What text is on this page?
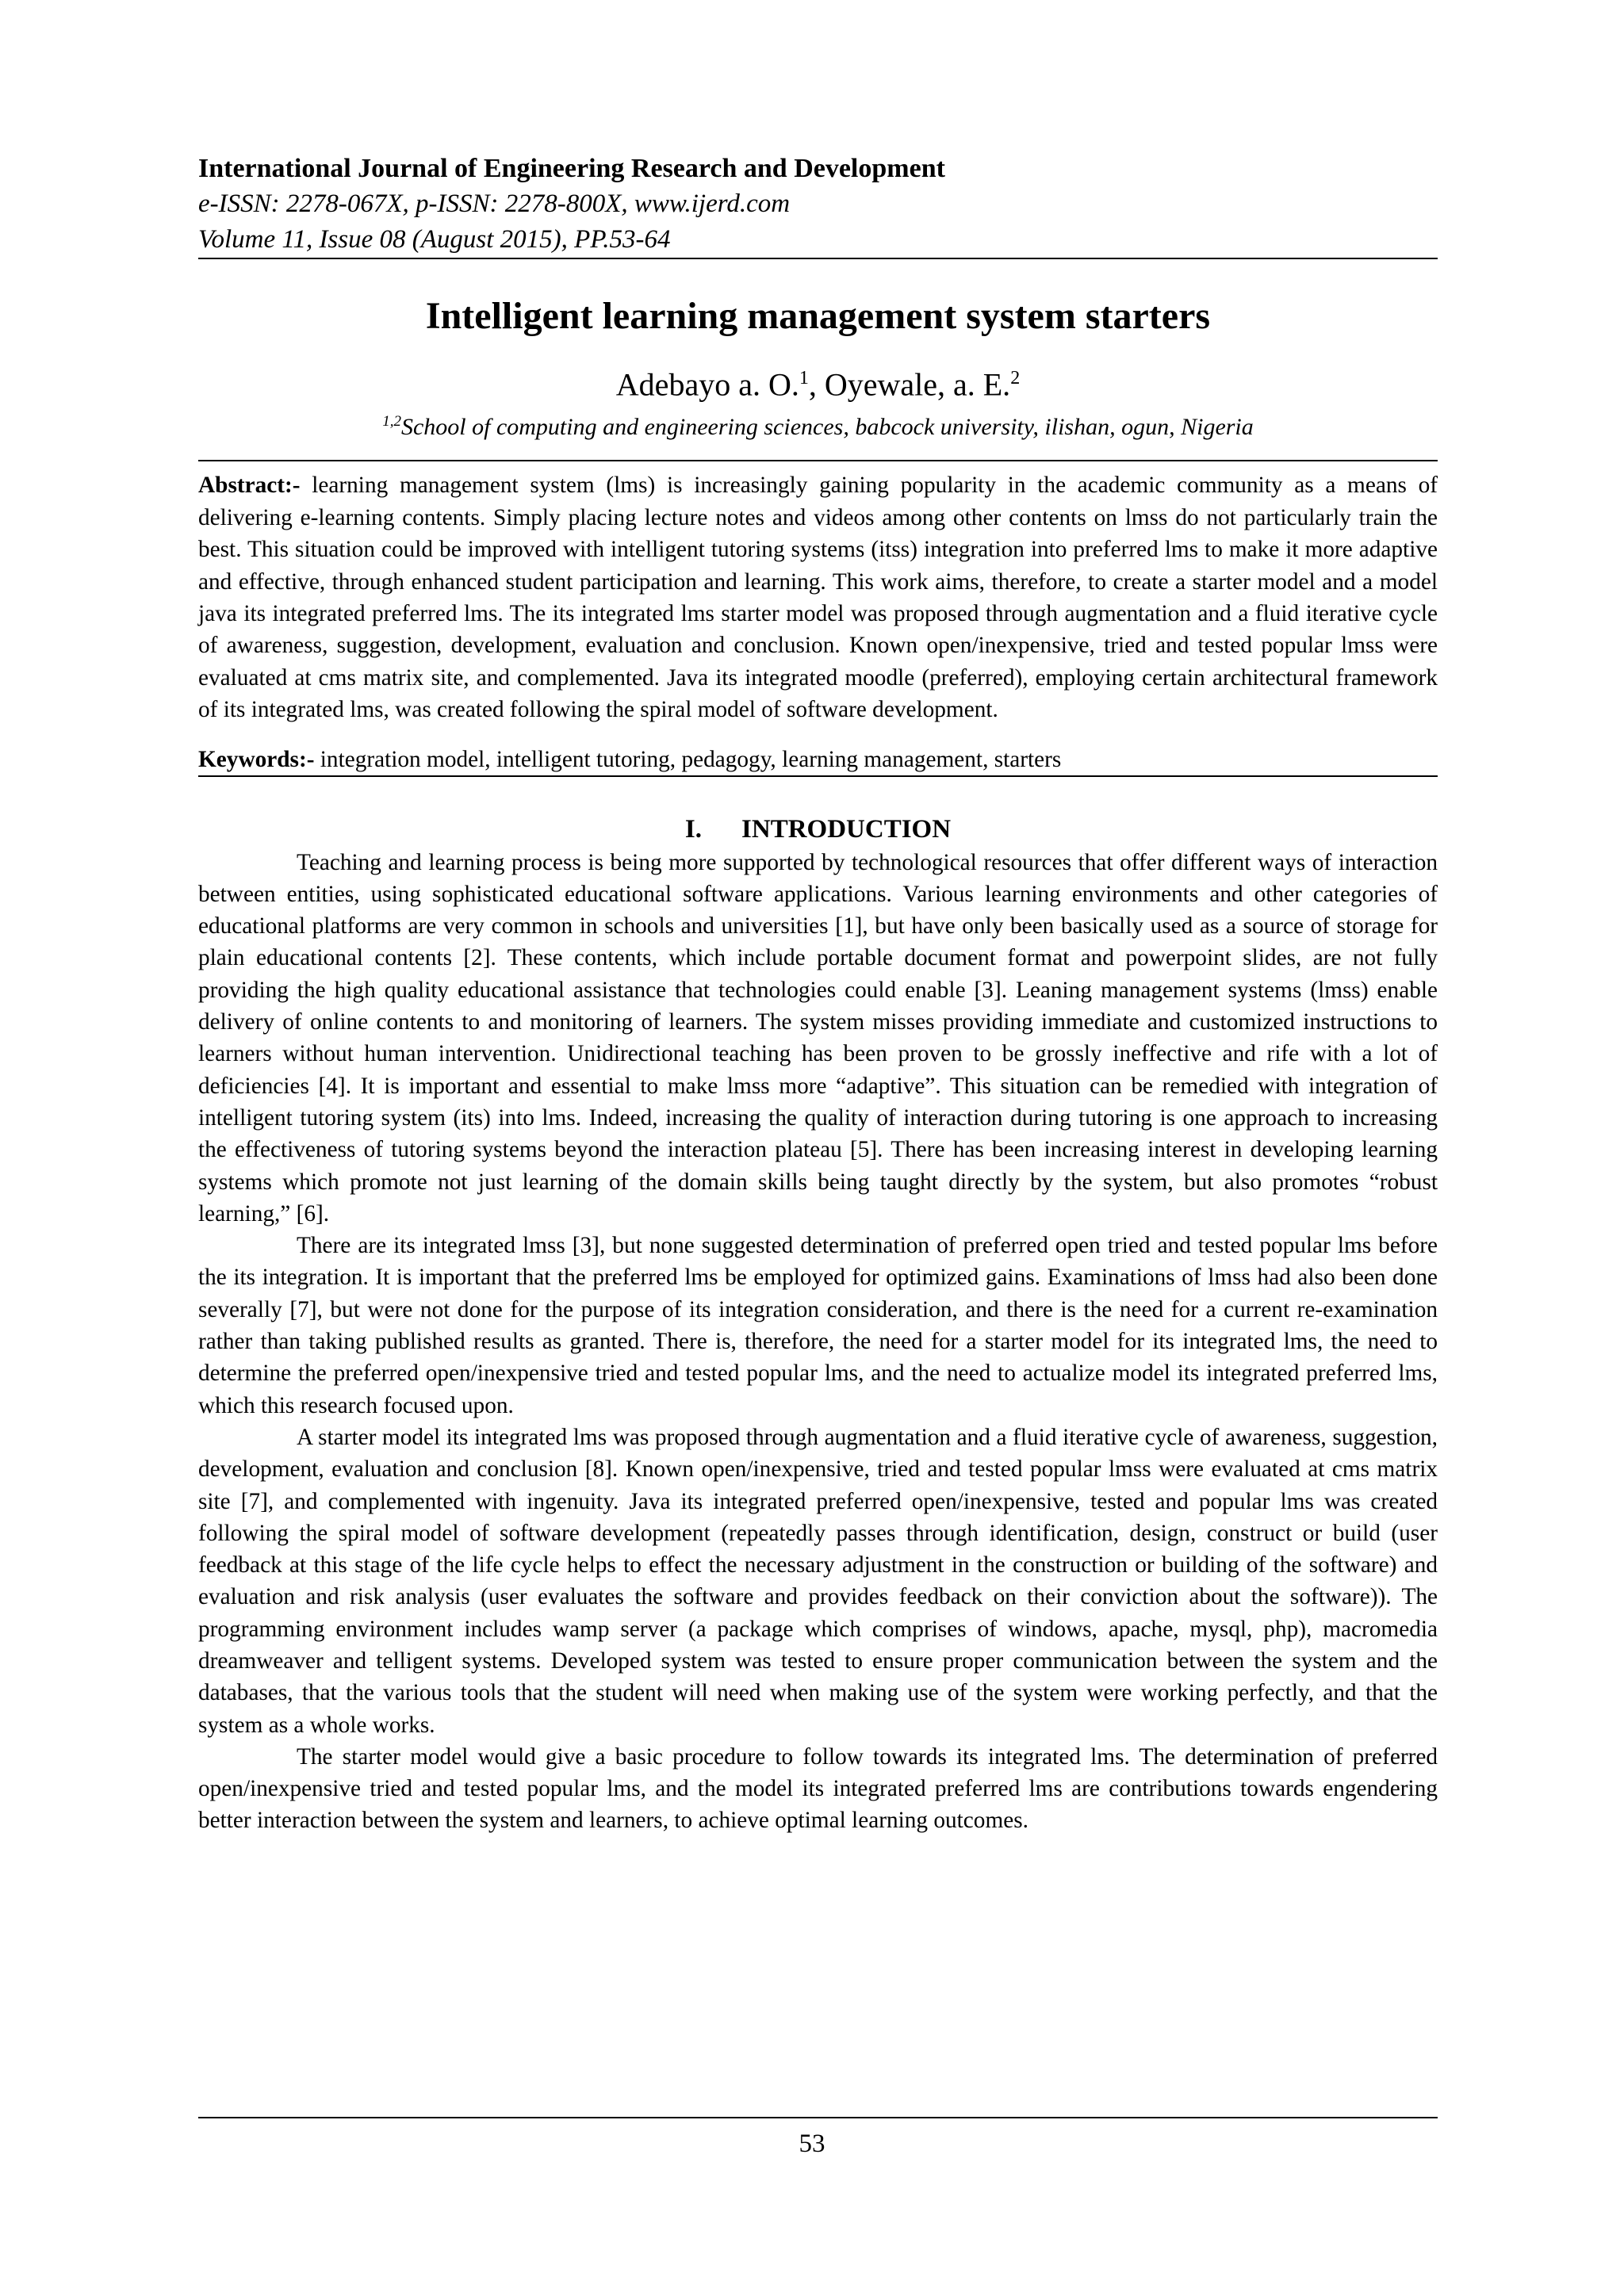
International Journal of Engineering Research and Development
e-ISSN: 2278-067X, p-ISSN: 2278-800X, www.ijerd.com
Volume 11, Issue 08 (August 2015), PP.53-64
Intelligent learning management system starters
Adebayo a. O.$^1$, Oyewale, a. E.$^2$
$^{1,2}$School of computing and engineering sciences, babcock university, ilishan, ogun, Nigeria
Abstract:- learning management system (lms) is increasingly gaining popularity in the academic community as a means of delivering e-learning contents. Simply placing lecture notes and videos among other contents on lmss do not particularly train the best. This situation could be improved with intelligent tutoring systems (itss) integration into preferred lms to make it more adaptive and effective, through enhanced student participation and learning. This work aims, therefore, to create a starter model and a model java its integrated preferred lms. The its integrated lms starter model was proposed through augmentation and a fluid iterative cycle of awareness, suggestion, development, evaluation and conclusion. Known open/inexpensive, tried and tested popular lmss were evaluated at cms matrix site, and complemented. Java its integrated moodle (preferred), employing certain architectural framework of its integrated lms, was created following the spiral model of software development.
Keywords:- integration model, intelligent tutoring, pedagogy, learning management, starters
I. INTRODUCTION

Teaching and learning process is being more supported by technological resources that offer different ways of interaction between entities, using sophisticated educational software applications. Various learning environments and other categories of educational platforms are very common in schools and universities [1], but have only been basically used as a source of storage for plain educational contents [2]. These contents, which include portable document format and powerpoint slides, are not fully providing the high quality educational assistance that technologies could enable [3]. Leaning management systems (lmss) enable delivery of online contents to and monitoring of learners. The system misses providing immediate and customized instructions to learners without human intervention. Unidirectional teaching has been proven to be grossly ineffective and rife with a lot of deficiencies [4]. It is important and essential to make lmss more “adaptive”. This situation can be remedied with integration of intelligent tutoring system (its) into lms. Indeed, increasing the quality of interaction during tutoring is one approach to increasing the effectiveness of tutoring systems beyond the interaction plateau [5]. There has been increasing interest in developing learning systems which promote not just learning of the domain skills being taught directly by the system, but also promotes “robust learning,” [6].

There are its integrated lmss [3], but none suggested determination of preferred open tried and tested popular lms before the its integration. It is important that the preferred lms be employed for optimized gains. Examinations of lmss had also been done severally [7], but were not done for the purpose of its integration consideration, and there is the need for a current re-examination rather than taking published results as granted. There is, therefore, the need for a starter model for its integrated lms, the need to determine the preferred open/inexpensive tried and tested popular lms, and the need to actualize model its integrated preferred lms, which this research focused upon.

A starter model its integrated lms was proposed through augmentation and a fluid iterative cycle of awareness, suggestion, development, evaluation and conclusion [8]. Known open/inexpensive, tried and tested popular lmss were evaluated at cms matrix site [7], and complemented with ingenuity. Java its integrated preferred open/inexpensive, tested and popular lms was created following the spiral model of software development (repeatedly passes through identification, design, construct or build (user feedback at this stage of the life cycle helps to effect the necessary adjustment in the construction or building of the software) and evaluation and risk analysis (user evaluates the software and provides feedback on their conviction about the software)). The programming environment includes wamp server (a package which comprises of windows, apache, mysql, php), macromedia dreamweaver and telligent systems. Developed system was tested to ensure proper communication between the system and the databases, that the various tools that the student will need when making use of the system were working perfectly, and that the system as a whole works.

The starter model would give a basic procedure to follow towards its integrated lms. The determination of preferred open/inexpensive tried and tested popular lms, and the model its integrated preferred lms are contributions towards engendering better interaction between the system and learners, to achieve optimal learning outcomes.

53
